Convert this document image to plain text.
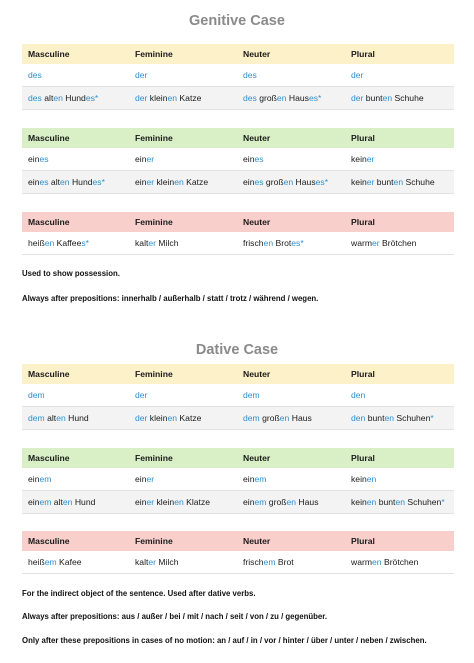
Genitive Case
Masculine	Feminine	Neuter	Plural
des	der	des	der
des alten Hundes*	der kleinen Katze	des großen Hauses*	der bunten Schuhe
Masculine	Feminine	Neuter	Plural
eines	einer	eines	keiner
eines alten Hundes*	einer kleinen Katze	eines großen Hauses*	keiner bunten Schuhe
Masculine	Feminine	Neuter	Plural
heißen Kaffees*	kalter Milch	frischen Brotes*	warmer Brötchen
Used to show possession.
Always after prepositions: innerhalb / außerhalb / statt / trotz / während / wegen.
Dative Case
Masculine	Feminine	Neuter	Plural
dem	der	dem	den
dem alten Hund	der kleinen Katze	dem großen Haus	den bunten Schuhen*
Masculine	Feminine	Neuter	Plural
einem	einer	einem	keinen
einem alten Hund	einer kleinen Klatze	einem großen Haus	keinen bunten Schuhen*
Masculine	Feminine	Neuter	Plural
heißem Kafee	kalter Milch	frischem Brot	warmen Brötchen
For the indirect object of the sentence. Used after dative verbs.
Always after prepositions: aus / außer / bei / mit / nach / seit / von / zu / gegenüber.
Only after these prepositions in cases of no motion: an / auf / in / vor / hinter / über / unter / neben / zwischen.
